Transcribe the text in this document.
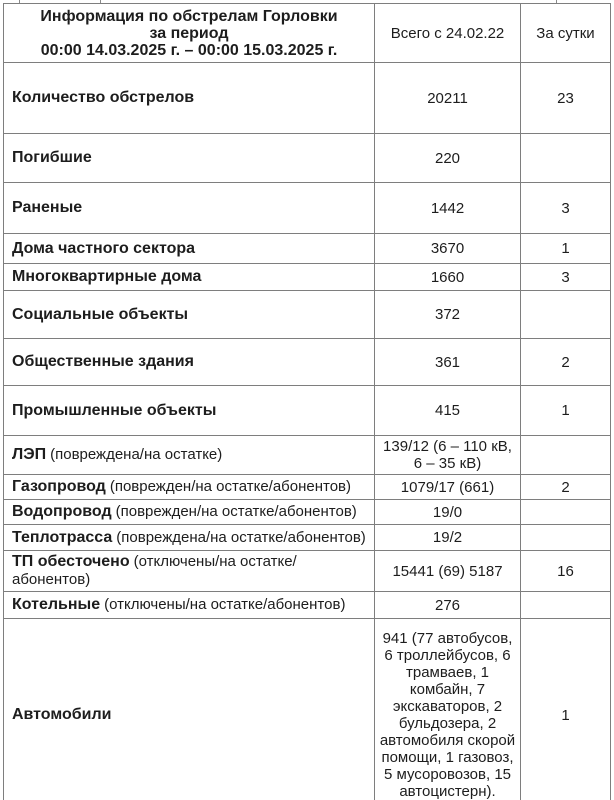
Информация по обстрелам Горловки
за период
00:00 14.03.2025 г. – 00:00 15.03.2025 г.	Всего с 24.02.22	За сутки
Количество обстрелов	20211	23
Погибшие	220	
Раненые	1442	3
Дома частного сектора	3670	1
Многоквартирные дома	1660	3
Социальные объекты	372	
Общественные здания	361	2
Промышленные объекты	415	1
ЛЭП (повреждена/на остатке)	139/12 (6 – 110 кВ, 6 – 35 кВ)	
Газопровод (поврежден/на остатке/абонентов)	1079/17 (661)	2
Водопровод (поврежден/на остатке/абонентов)	19/0	
Теплотрасса (повреждена/на остатке/абонентов)	19/2	
ТП обесточено (отключены/на остатке/абонентов)	15441 (69) 5187	16
Котельные (отключены/на остатке/абонентов)	276	
Автомобили	941 (77 автобусов, 6 троллейбусов, 6 трамваев, 1 комбайн, 7 экскаваторов, 2 бульдозера, 2 автомобиля скорой помощи, 1 газовоз, 5 мусоровозов, 15 автоцистерн).	1
